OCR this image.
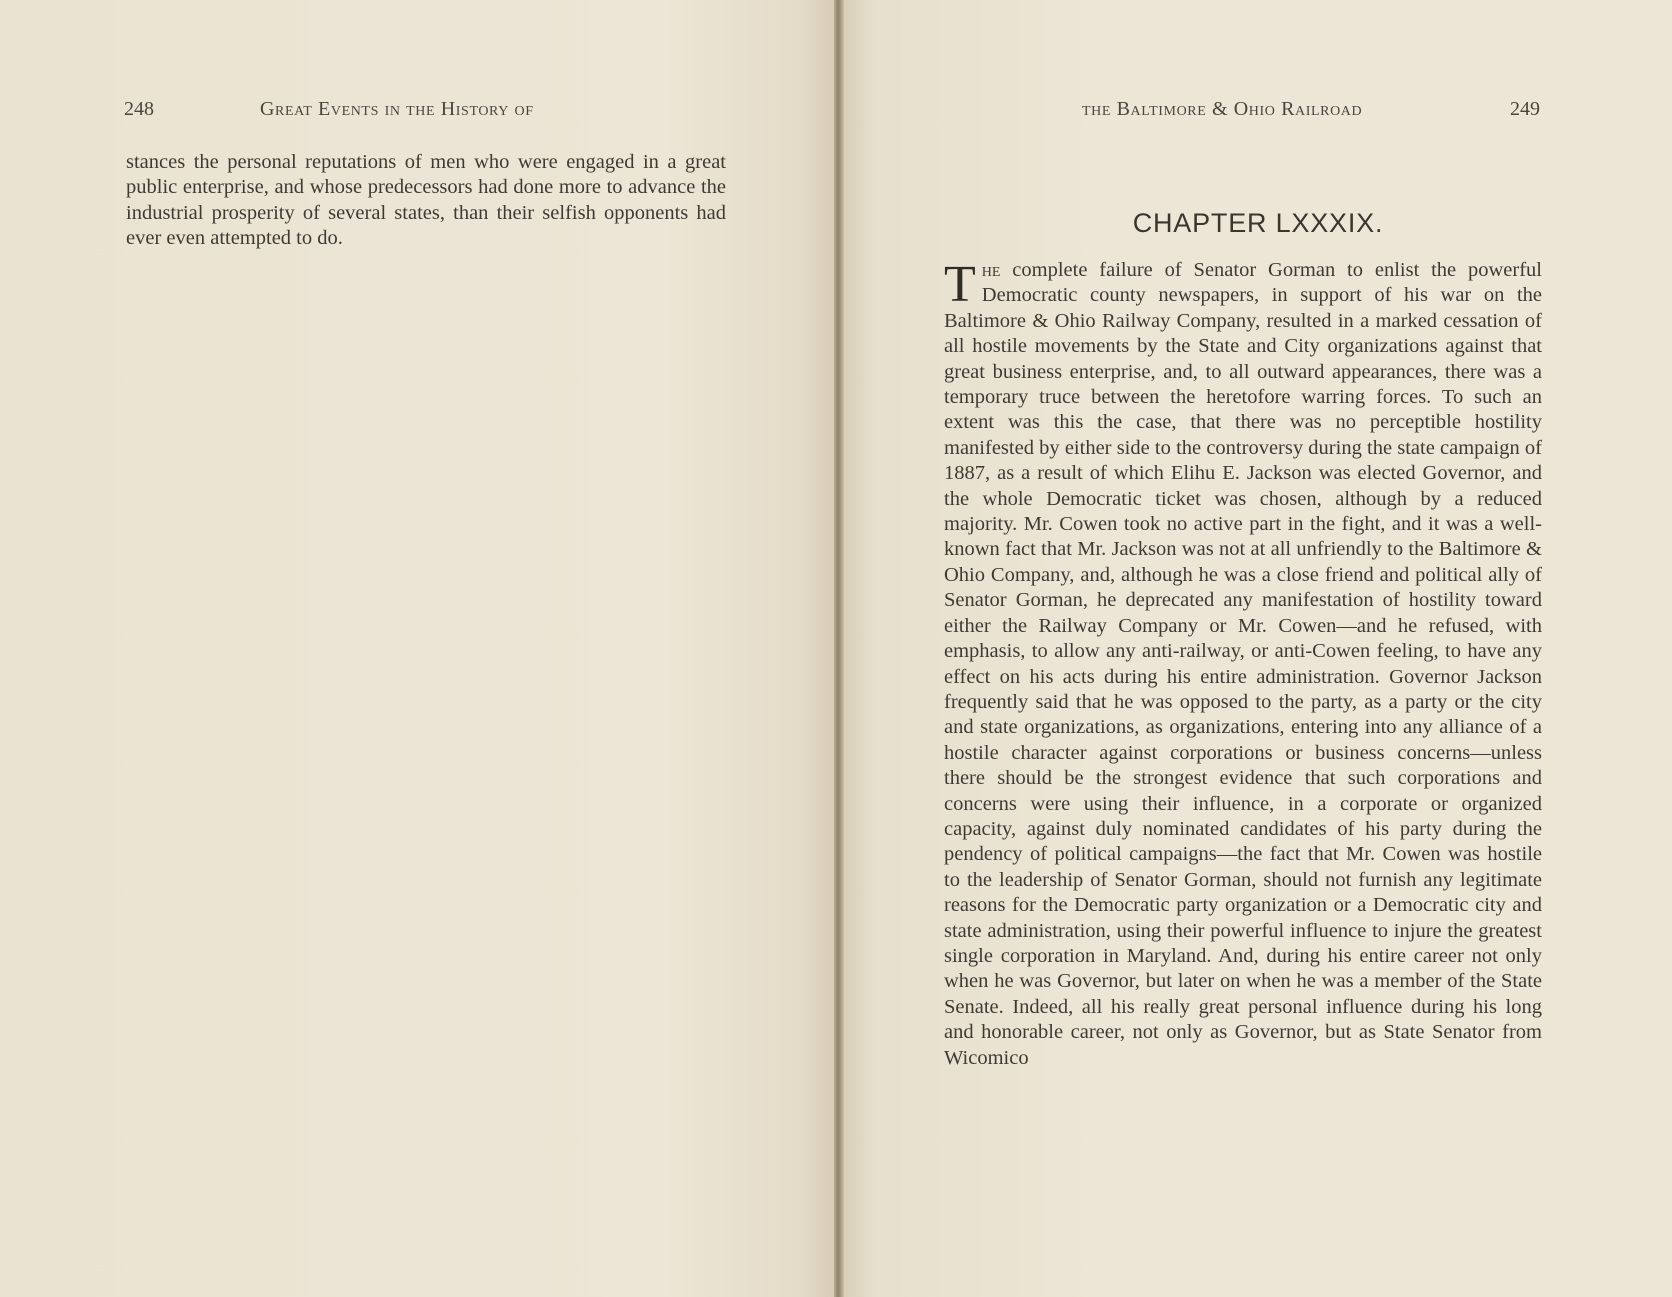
248	Great Events in the History of

stances the personal reputations of men who were engaged in a great public enterprise, and whose predecessors had done more to advance the industrial prosperity of several states, than their selfish opponents had ever even attempted to do.

the Baltimore & Ohio Railroad	249
CHAPTER LXXXIX.

The complete failure of Senator Gorman to enlist the powerful Democratic county newspapers, in support of his war on the Baltimore & Ohio Railway Company, resulted in a marked cessation of all hostile movements by the State and City organizations against that great business enterprise, and, to all outward appearances, there was a temporary truce between the heretofore warring forces. To such an extent was this the case, that there was no perceptible hostility manifested by either side to the controversy during the state campaign of 1887, as a result of which Elihu E. Jackson was elected Governor, and the whole Democratic ticket was chosen, although by a reduced majority. Mr. Cowen took no active part in the fight, and it was a well-known fact that Mr. Jackson was not at all unfriendly to the Baltimore & Ohio Company, and, although he was a close friend and political ally of Senator Gorman, he deprecated any manifestation of hostility toward either the Railway Company or Mr. Cowen—and he refused, with emphasis, to allow any anti-railway, or anti-Cowen feeling, to have any effect on his acts during his entire administration. Governor Jackson frequently said that he was opposed to the party, as a party or the city and state organizations, as organizations, entering into any alliance of a hostile character against corporations or business concerns—unless there should be the strongest evidence that such corporations and concerns were using their influence, in a corporate or organized capacity, against duly nominated candidates of his party during the pendency of political campaigns—the fact that Mr. Cowen was hostile to the leadership of Senator Gorman, should not furnish any legitimate reasons for the Democratic party organization or a Democratic city and state administration, using their powerful influence to injure the greatest single corporation in Maryland. And, during his entire career not only when he was Governor, but later on when he was a member of the State Senate. Indeed, all his really great personal influence during his long and honorable career, not only as Governor, but as State Senator from Wicomico
